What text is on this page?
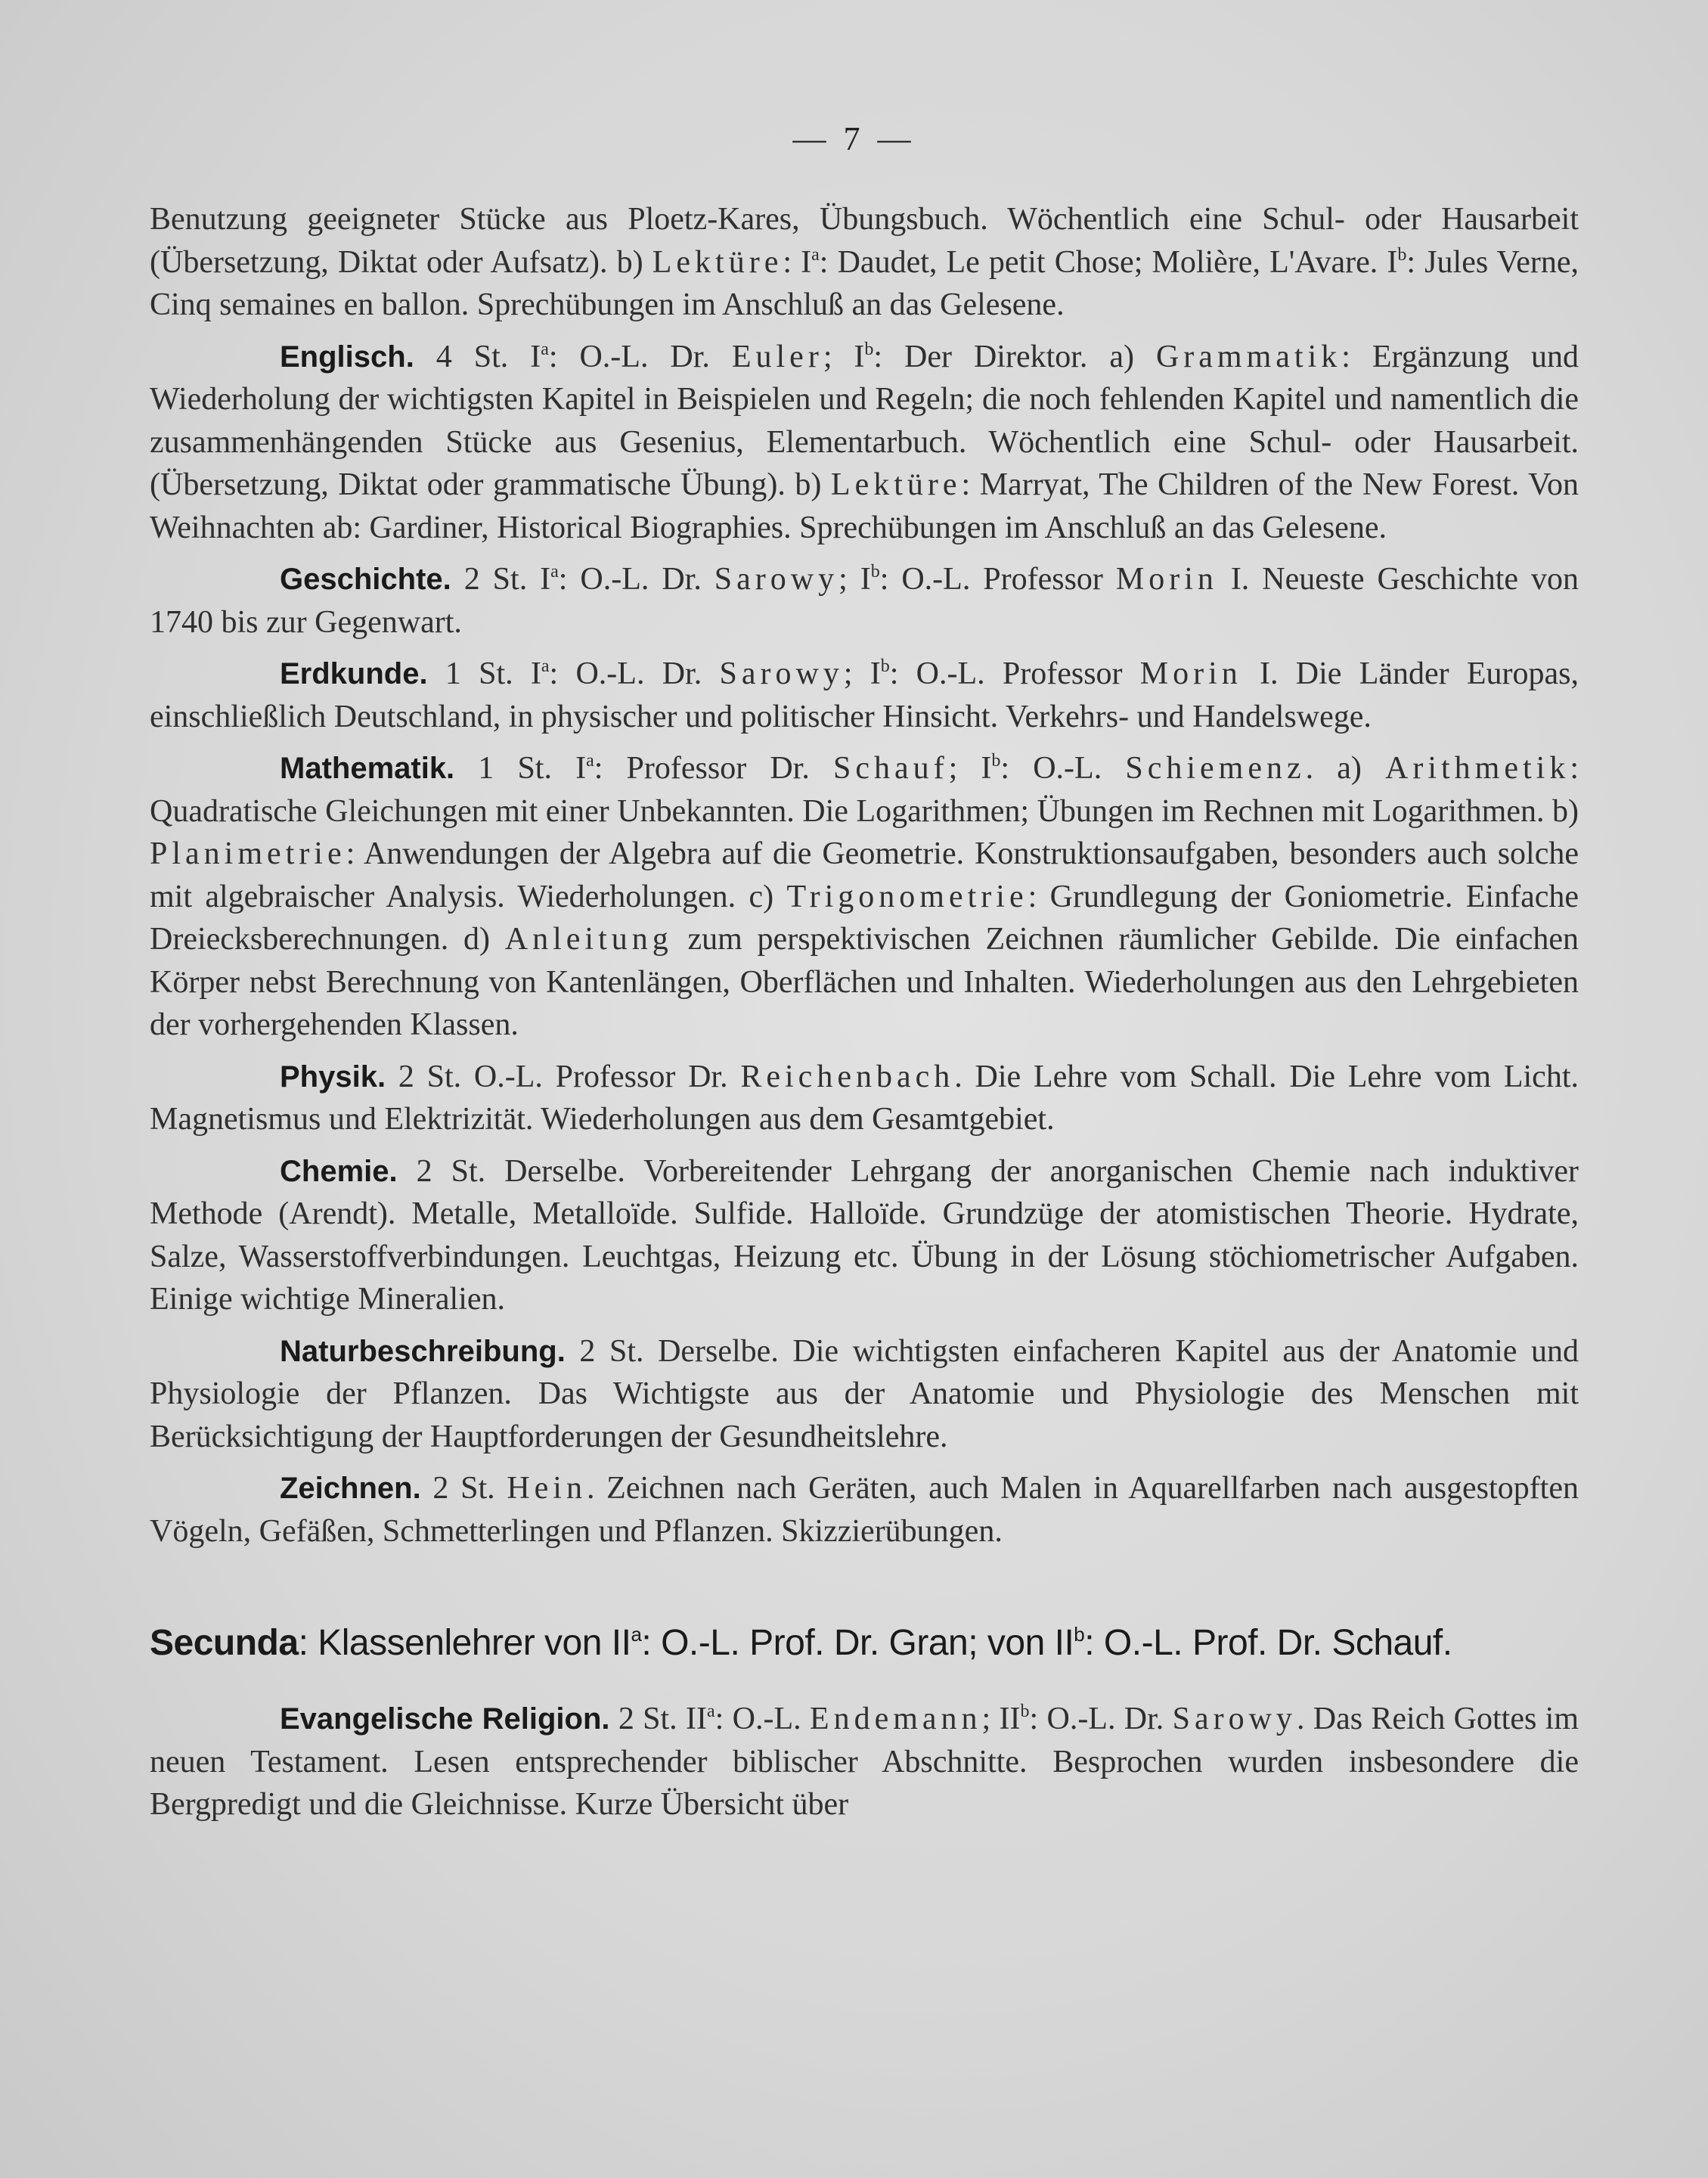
— 7 —

Benutzung geeigneter Stücke aus Ploetz-Kares, Übungsbuch. Wöchentlich eine Schul- oder Hausarbeit (Übersetzung, Diktat oder Aufsatz). b) Lektüre: $I^a$: Daudet, Le petit Chose; Molière, L'Avare. $I^b$: Jules Verne, Cinq semaines en ballon. Sprechübungen im Anschluß an das Gelesene.

Englisch. 4 St. $I^a$: O.-L. Dr. Euler; $I^b$: Der Direktor. a) Grammatik: Ergänzung und Wiederholung der wichtigsten Kapitel in Beispielen und Regeln; die noch fehlenden Kapitel und namentlich die zusammenhängenden Stücke aus Gesenius, Elementarbuch. Wöchentlich eine Schul- oder Hausarbeit. (Übersetzung, Diktat oder grammatische Übung). b) Lektüre: Marryat, The Children of the New Forest. Von Weihnachten ab: Gardiner, Historical Biographies. Sprechübungen im Anschluß an das Gelesene.

Geschichte. 2 St. $I^a$: O.-L. Dr. Sarowy; $I^b$: O.-L. Professor Morin I. Neueste Geschichte von 1740 bis zur Gegenwart.

Erdkunde. 1 St. $I^a$: O.-L. Dr. Sarowy; $I^b$: O.-L. Professor Morin I. Die Länder Europas, einschließlich Deutschland, in physischer und politischer Hinsicht. Verkehrs- und Handelswege.

Mathematik. 1 St. $I^a$: Professor Dr. Schauf; $I^b$: O.-L. Schiemenz. a) Arithmetik: Quadratische Gleichungen mit einer Unbekannten. Die Logarithmen; Übungen im Rechnen mit Logarithmen. b) Planimetrie: Anwendungen der Algebra auf die Geometrie. Konstruktionsaufgaben, besonders auch solche mit algebraischer Analysis. Wiederholungen. c) Trigonometrie: Grundlegung der Goniometrie. Einfache Dreiecksberechnungen. d) Anleitung zum perspektivischen Zeichnen räumlicher Gebilde. Die einfachen Körper nebst Berechnung von Kantenlängen, Oberflächen und Inhalten. Wiederholungen aus den Lehrgebieten der vorhergehenden Klassen.

Physik. 2 St. O.-L. Professor Dr. Reichenbach. Die Lehre vom Schall. Die Lehre vom Licht. Magnetismus und Elektrizität. Wiederholungen aus dem Gesamtgebiet.

Chemie. 2 St. Derselbe. Vorbereitender Lehrgang der anorganischen Chemie nach induktiver Methode (Arendt). Metalle, Metalloïde. Sulfide. Halloïde. Grundzüge der atomistischen Theorie. Hydrate, Salze, Wasserstoffverbindungen. Leuchtgas, Heizung etc. Übung in der Lösung stöchiometrischer Aufgaben. Einige wichtige Mineralien.

Naturbeschreibung. 2 St. Derselbe. Die wichtigsten einfacheren Kapitel aus der Anatomie und Physiologie der Pflanzen. Das Wichtigste aus der Anatomie und Physiologie des Menschen mit Berücksichtigung der Hauptforderungen der Gesundheitslehre.

Zeichnen. 2 St. Hein. Zeichnen nach Geräten, auch Malen in Aquarellfarben nach ausgestopften Vögeln, Gefäßen, Schmetterlingen und Pflanzen. Skizzierübungen.

Secunda: Klassenlehrer von $II^a$: O.-L. Prof. Dr. Gran; von $II^b$: O.-L. Prof. Dr. Schauf.

Evangelische Religion. 2 St. $II^a$: O.-L. Endemann; $II^b$: O.-L. Dr. Sarowy. Das Reich Gottes im neuen Testament. Lesen entsprechender biblischer Abschnitte. Besprochen wurden insbesondere die Bergpredigt und die Gleichnisse. Kurze Übersicht über
